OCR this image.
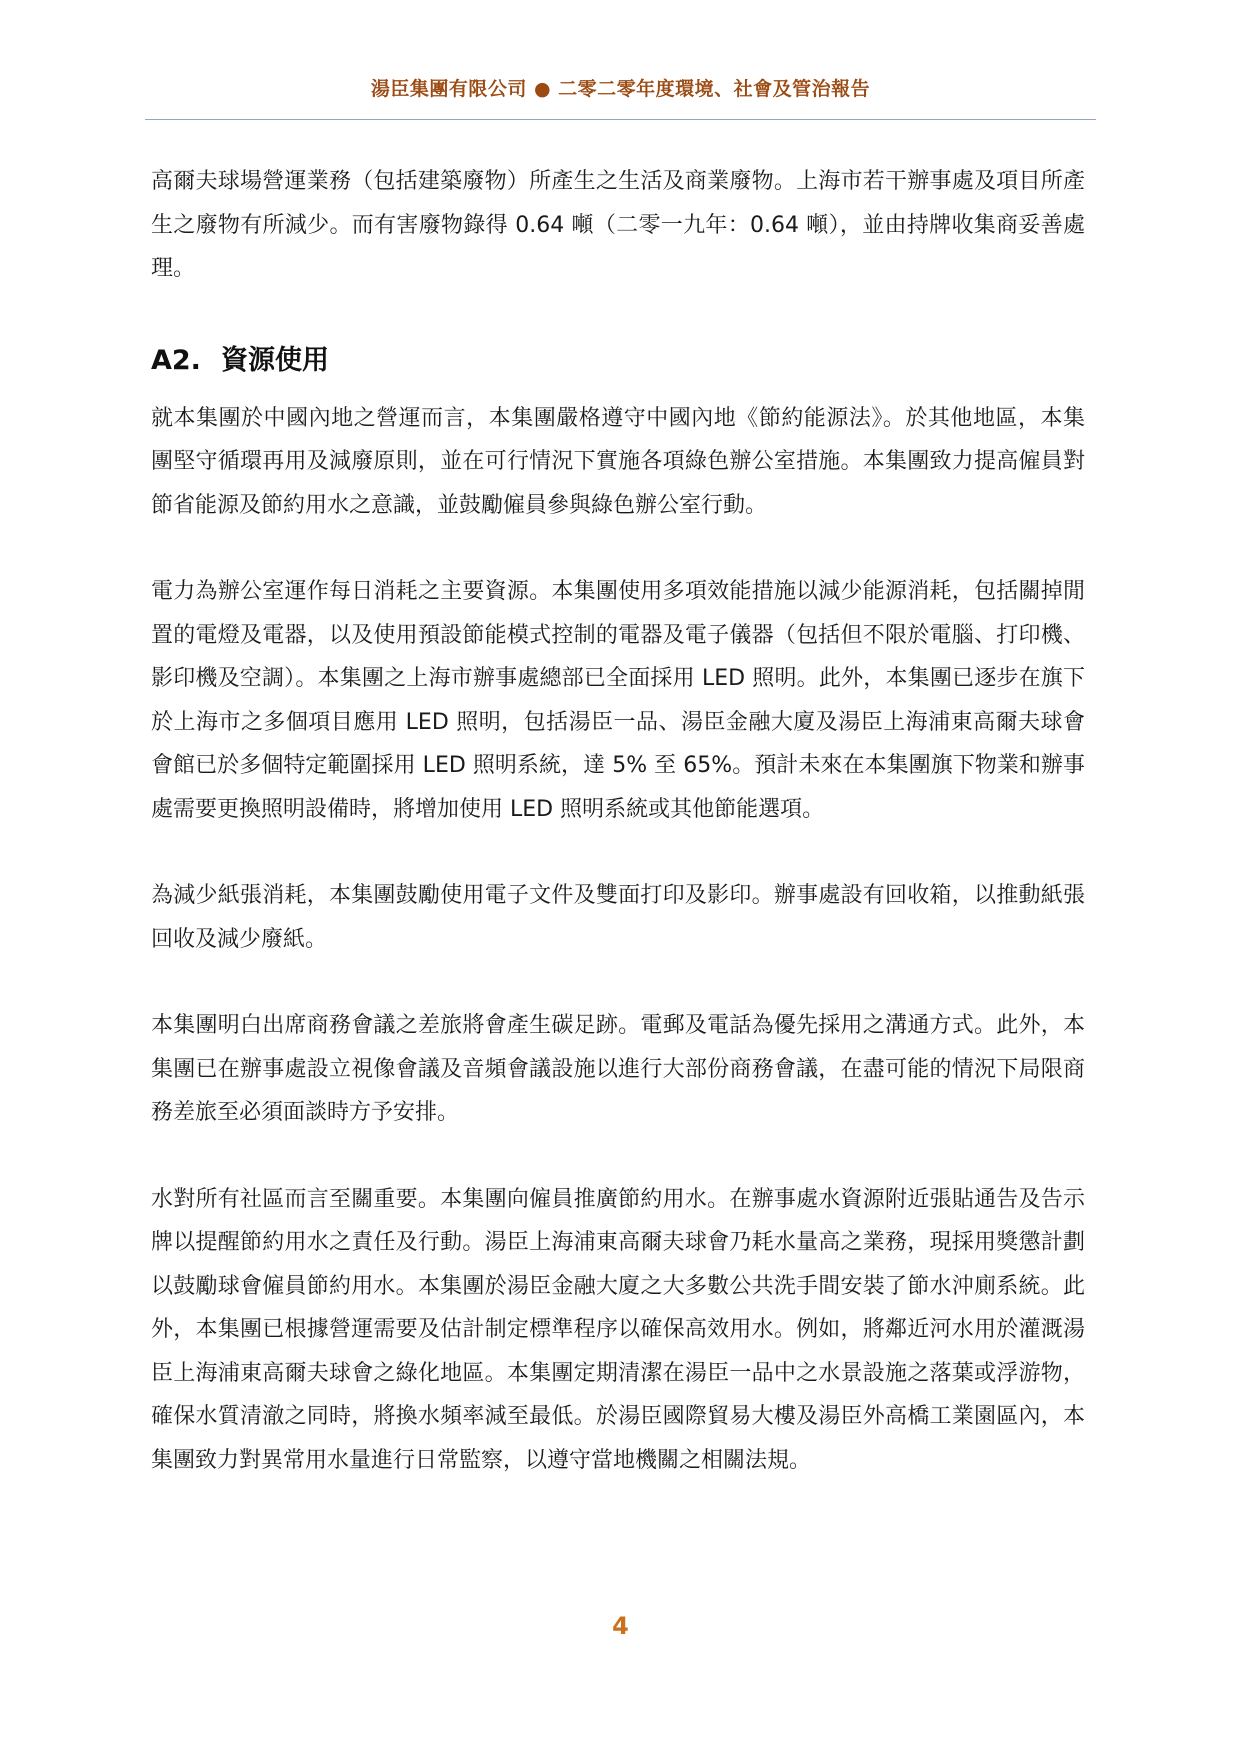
湯臣集團有限公司 ● 二零二零年度環境、社會及管治報告

高爾夫球場營運業務（包括建築廢物）所產生之生活及商業廢物。上海市若干辦事處及項目所產生之廢物有所減少。而有害廢物錄得 0.64 噸（二零一九年：0.64 噸），並由持牌收集商妥善處理。

A2. 資源使用

就本集團於中國內地之營運而言，本集團嚴格遵守中國內地《節約能源法》。於其他地區，本集團堅守循環再用及減廢原則，並在可行情況下實施各項綠色辦公室措施。本集團致力提高僱員對節省能源及節約用水之意識，並鼓勵僱員參與綠色辦公室行動。

電力為辦公室運作每日消耗之主要資源。本集團使用多項效能措施以減少能源消耗，包括關掉閒置的電燈及電器，以及使用預設節能模式控制的電器及電子儀器（包括但不限於電腦、打印機、影印機及空調）。本集團之上海市辦事處總部已全面採用 LED 照明。此外，本集團已逐步在旗下於上海市之多個項目應用 LED 照明，包括湯臣一品、湯臣金融大廈及湯臣上海浦東高爾夫球會會館已於多個特定範圍採用 LED 照明系統，達 5% 至 65%。預計未來在本集團旗下物業和辦事處需要更換照明設備時，將增加使用 LED 照明系統或其他節能選項。

為減少紙張消耗，本集團鼓勵使用電子文件及雙面打印及影印。辦事處設有回收箱，以推動紙張回收及減少廢紙。

本集團明白出席商務會議之差旅將會產生碳足跡。電郵及電話為優先採用之溝通方式。此外，本集團已在辦事處設立視像會議及音頻會議設施以進行大部份商務會議，在盡可能的情況下局限商務差旅至必須面談時方予安排。

水對所有社區而言至關重要。本集團向僱員推廣節約用水。在辦事處水資源附近張貼通告及告示牌以提醒節約用水之責任及行動。湯臣上海浦東高爾夫球會乃耗水量高之業務，現採用獎懲計劃以鼓勵球會僱員節約用水。本集團於湯臣金融大廈之大多數公共洗手間安裝了節水沖廁系統。此外，本集團已根據營運需要及估計制定標準程序以確保高效用水。例如，將鄰近河水用於灌溉湯臣上海浦東高爾夫球會之綠化地區。本集團定期清潔在湯臣一品中之水景設施之落葉或浮游物，確保水質清澈之同時，將換水頻率減至最低。於湯臣國際貿易大樓及湯臣外高橋工業園區內，本集團致力對異常用水量進行日常監察，以遵守當地機關之相關法規。

4
